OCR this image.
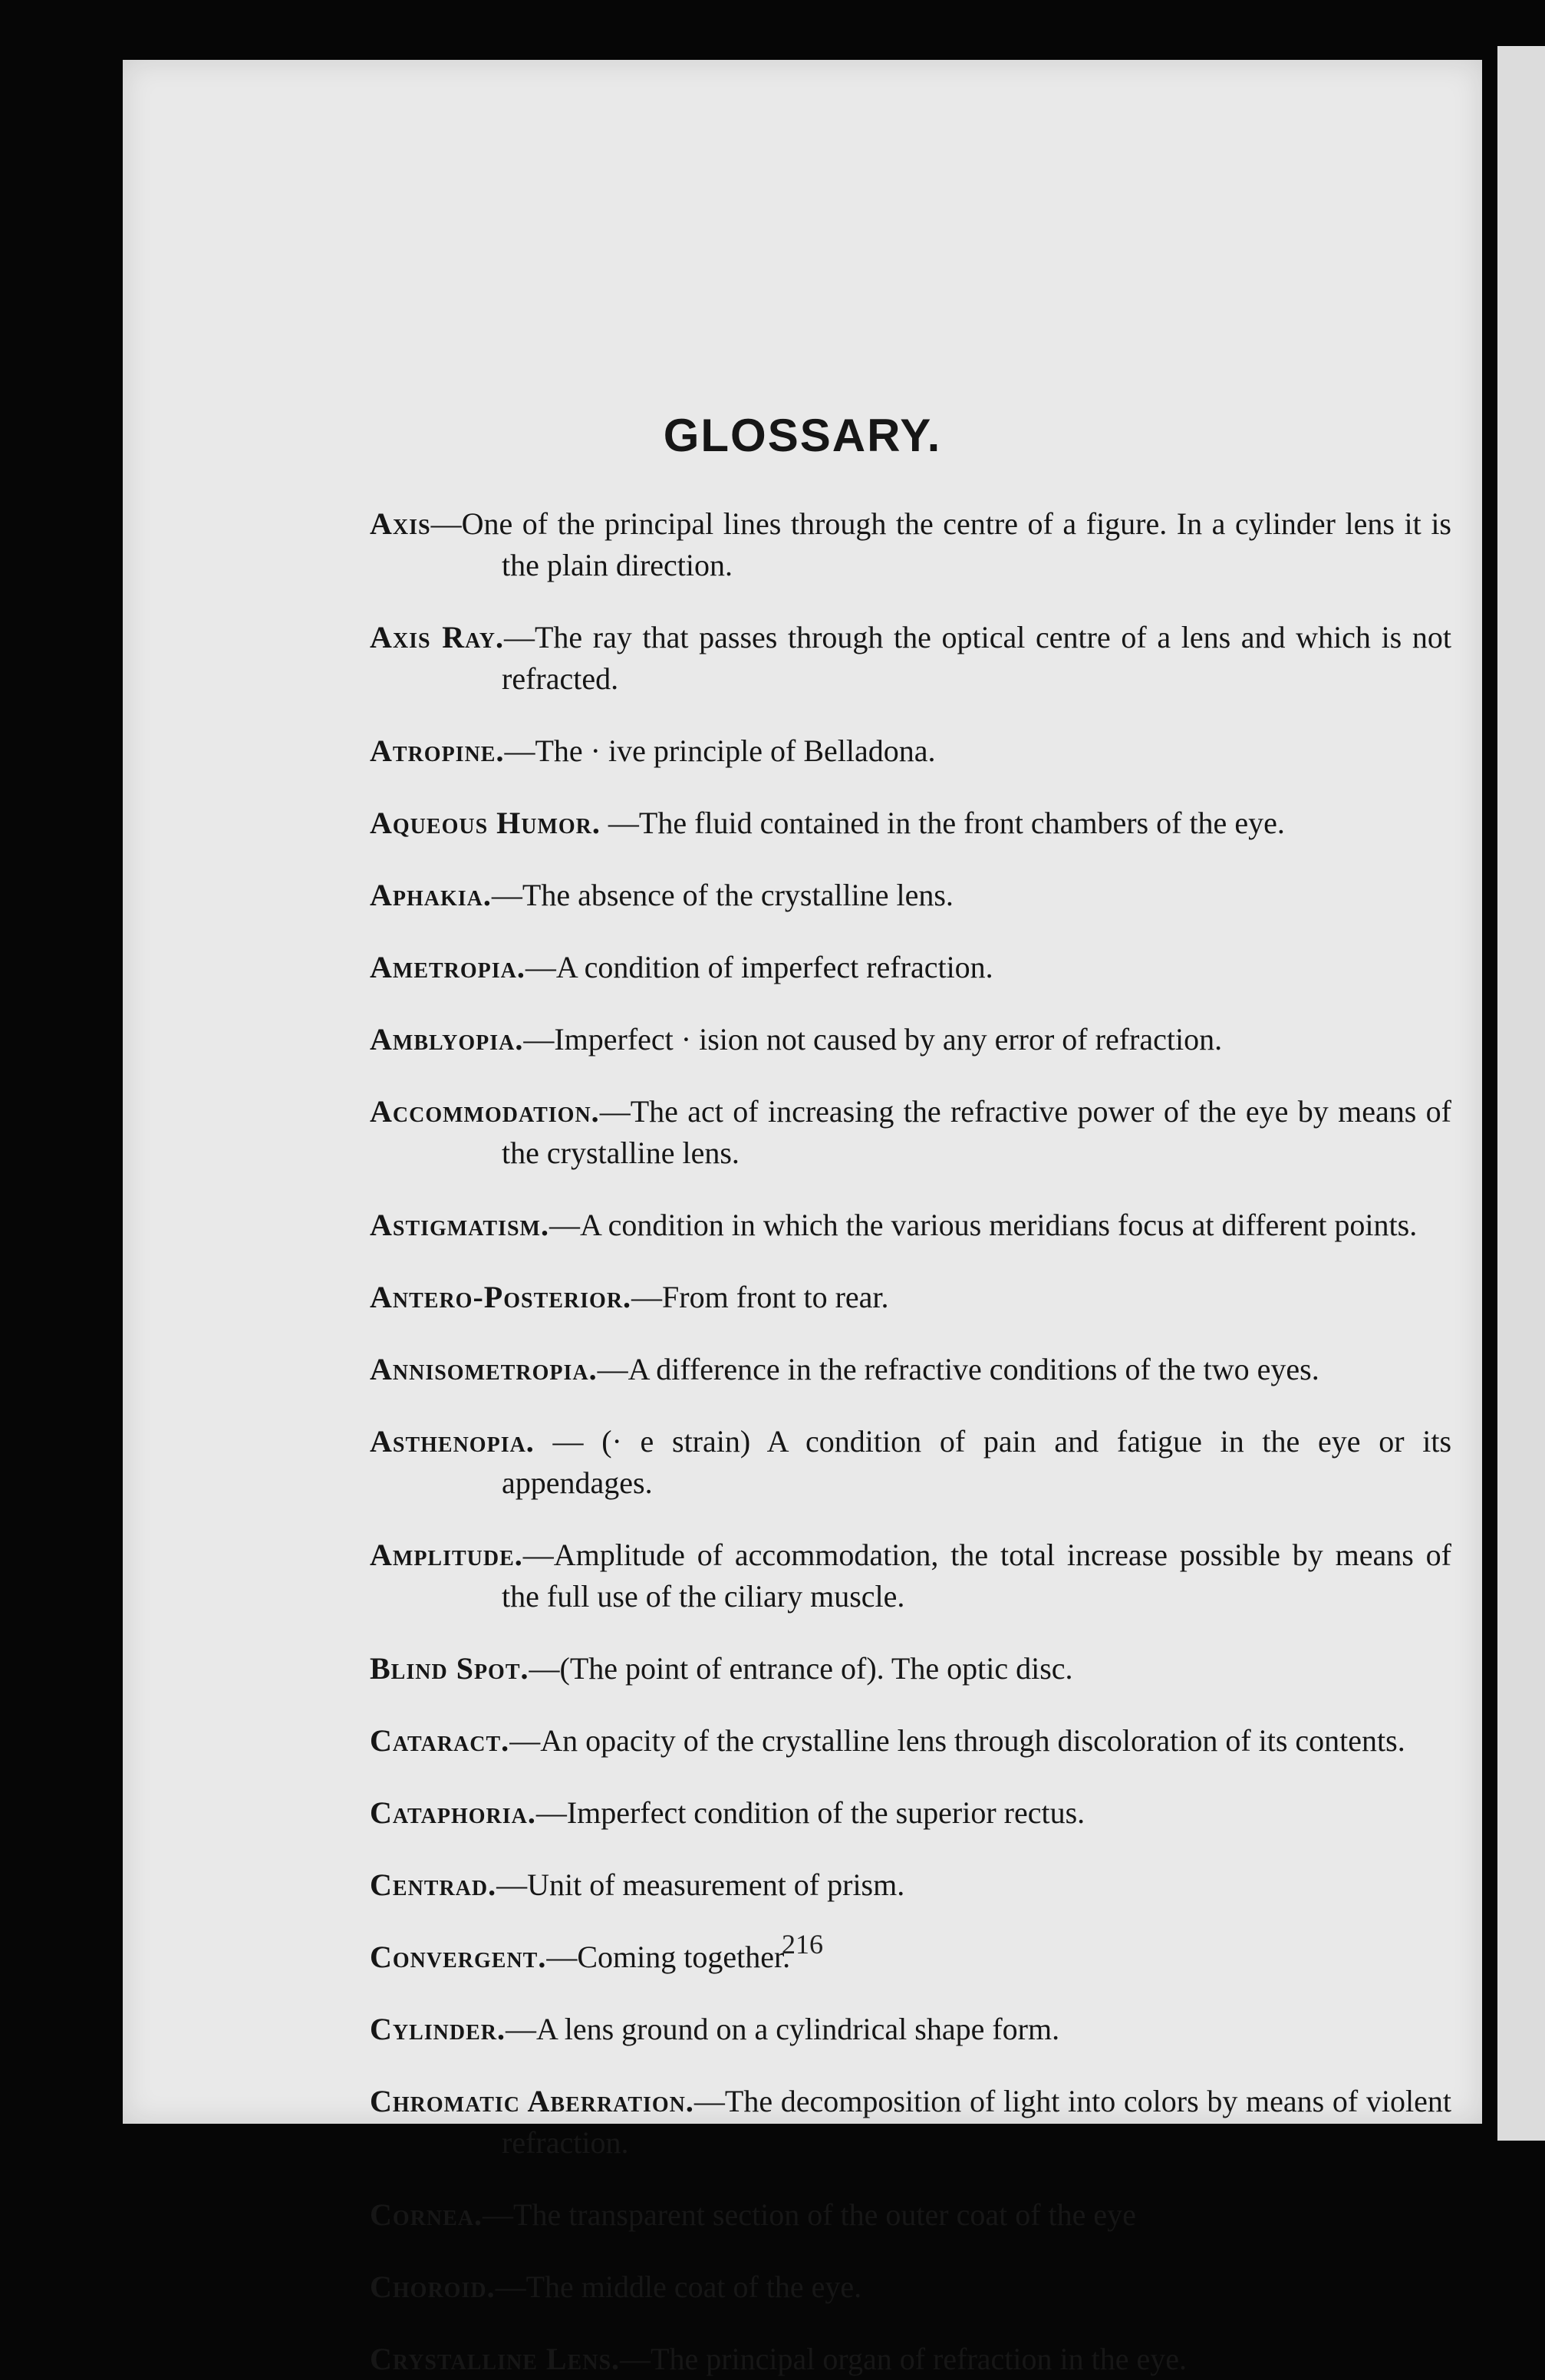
GLOSSARY.

Axis—One of the principal lines through the centre of a figure. In a cylinder lens it is the plain direction.

Axis Ray.—The ray that passes through the optical centre of a lens and which is not refracted.

Atropine.—The · ive principle of Belladona.

Aqueous Humor. —The fluid contained in the front chambers of the eye.

Aphakia.—The absence of the crystalline lens.

Ametropia.—A condition of imperfect refraction.

Amblyopia.—Imperfect · ision not caused by any error of refraction.

Accommodation.—The act of increasing the refractive power of the eye by means of the crystalline lens.

Astigmatism.—A condition in which the various meridians focus at different points.

Antero-Posterior.—From front to rear.

Annisometropia.—A difference in the refractive conditions of the two eyes.

Asthenopia. — (· e strain) A condition of pain and fatigue in the eye or its appendages.

Amplitude.—Amplitude of accommodation, the total increase possible by means of the full use of the ciliary muscle.

Blind Spot.—(The point of entrance of). The optic disc.

Cataract.—An opacity of the crystalline lens through discoloration of its contents.

Cataphoria.—Imperfect condition of the superior rectus.

Centrad.—Unit of measurement of prism.

Convergent.—Coming together.

Cylinder.—A lens ground on a cylindrical shape form.

Chromatic Aberration.—The decomposition of light into colors by means of violent refraction.

Cornea.—The transparent section of the outer coat of the eye

Choroid.—The middle coat of the eye.

Crystalline Lens.—The principal organ of refraction in the eye.

216
